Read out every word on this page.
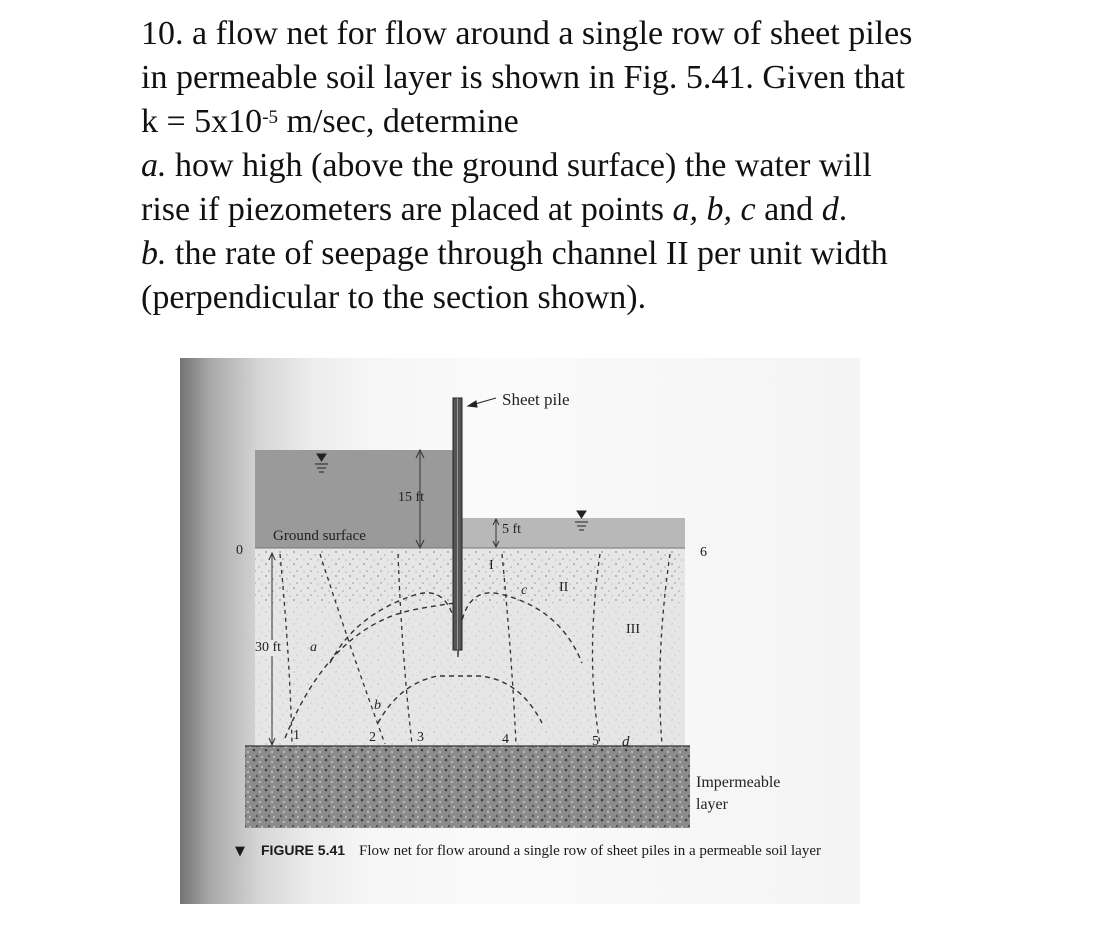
10. a flow net for flow around a single row of sheet piles
in permeable soil layer is shown in Fig. 5.41. Given that
$k = 5x10^{-5}$ m/sec, determine
a. how high (above the ground surface) the water will
rise if piezometers are placed at points a, b, c and d.
b. the rate of seepage through channel II per unit width
(perpendicular to the section shown).
Sheet pile
15 ft
5 ft
Ground surface
30 ft
0
1	2	3	4	5
6
I
II
III
a
b
c
d
Impermeable
layer
▼ FIGURE 5.41 Flow net for flow around a single row of sheet piles in a permeable soil layer
